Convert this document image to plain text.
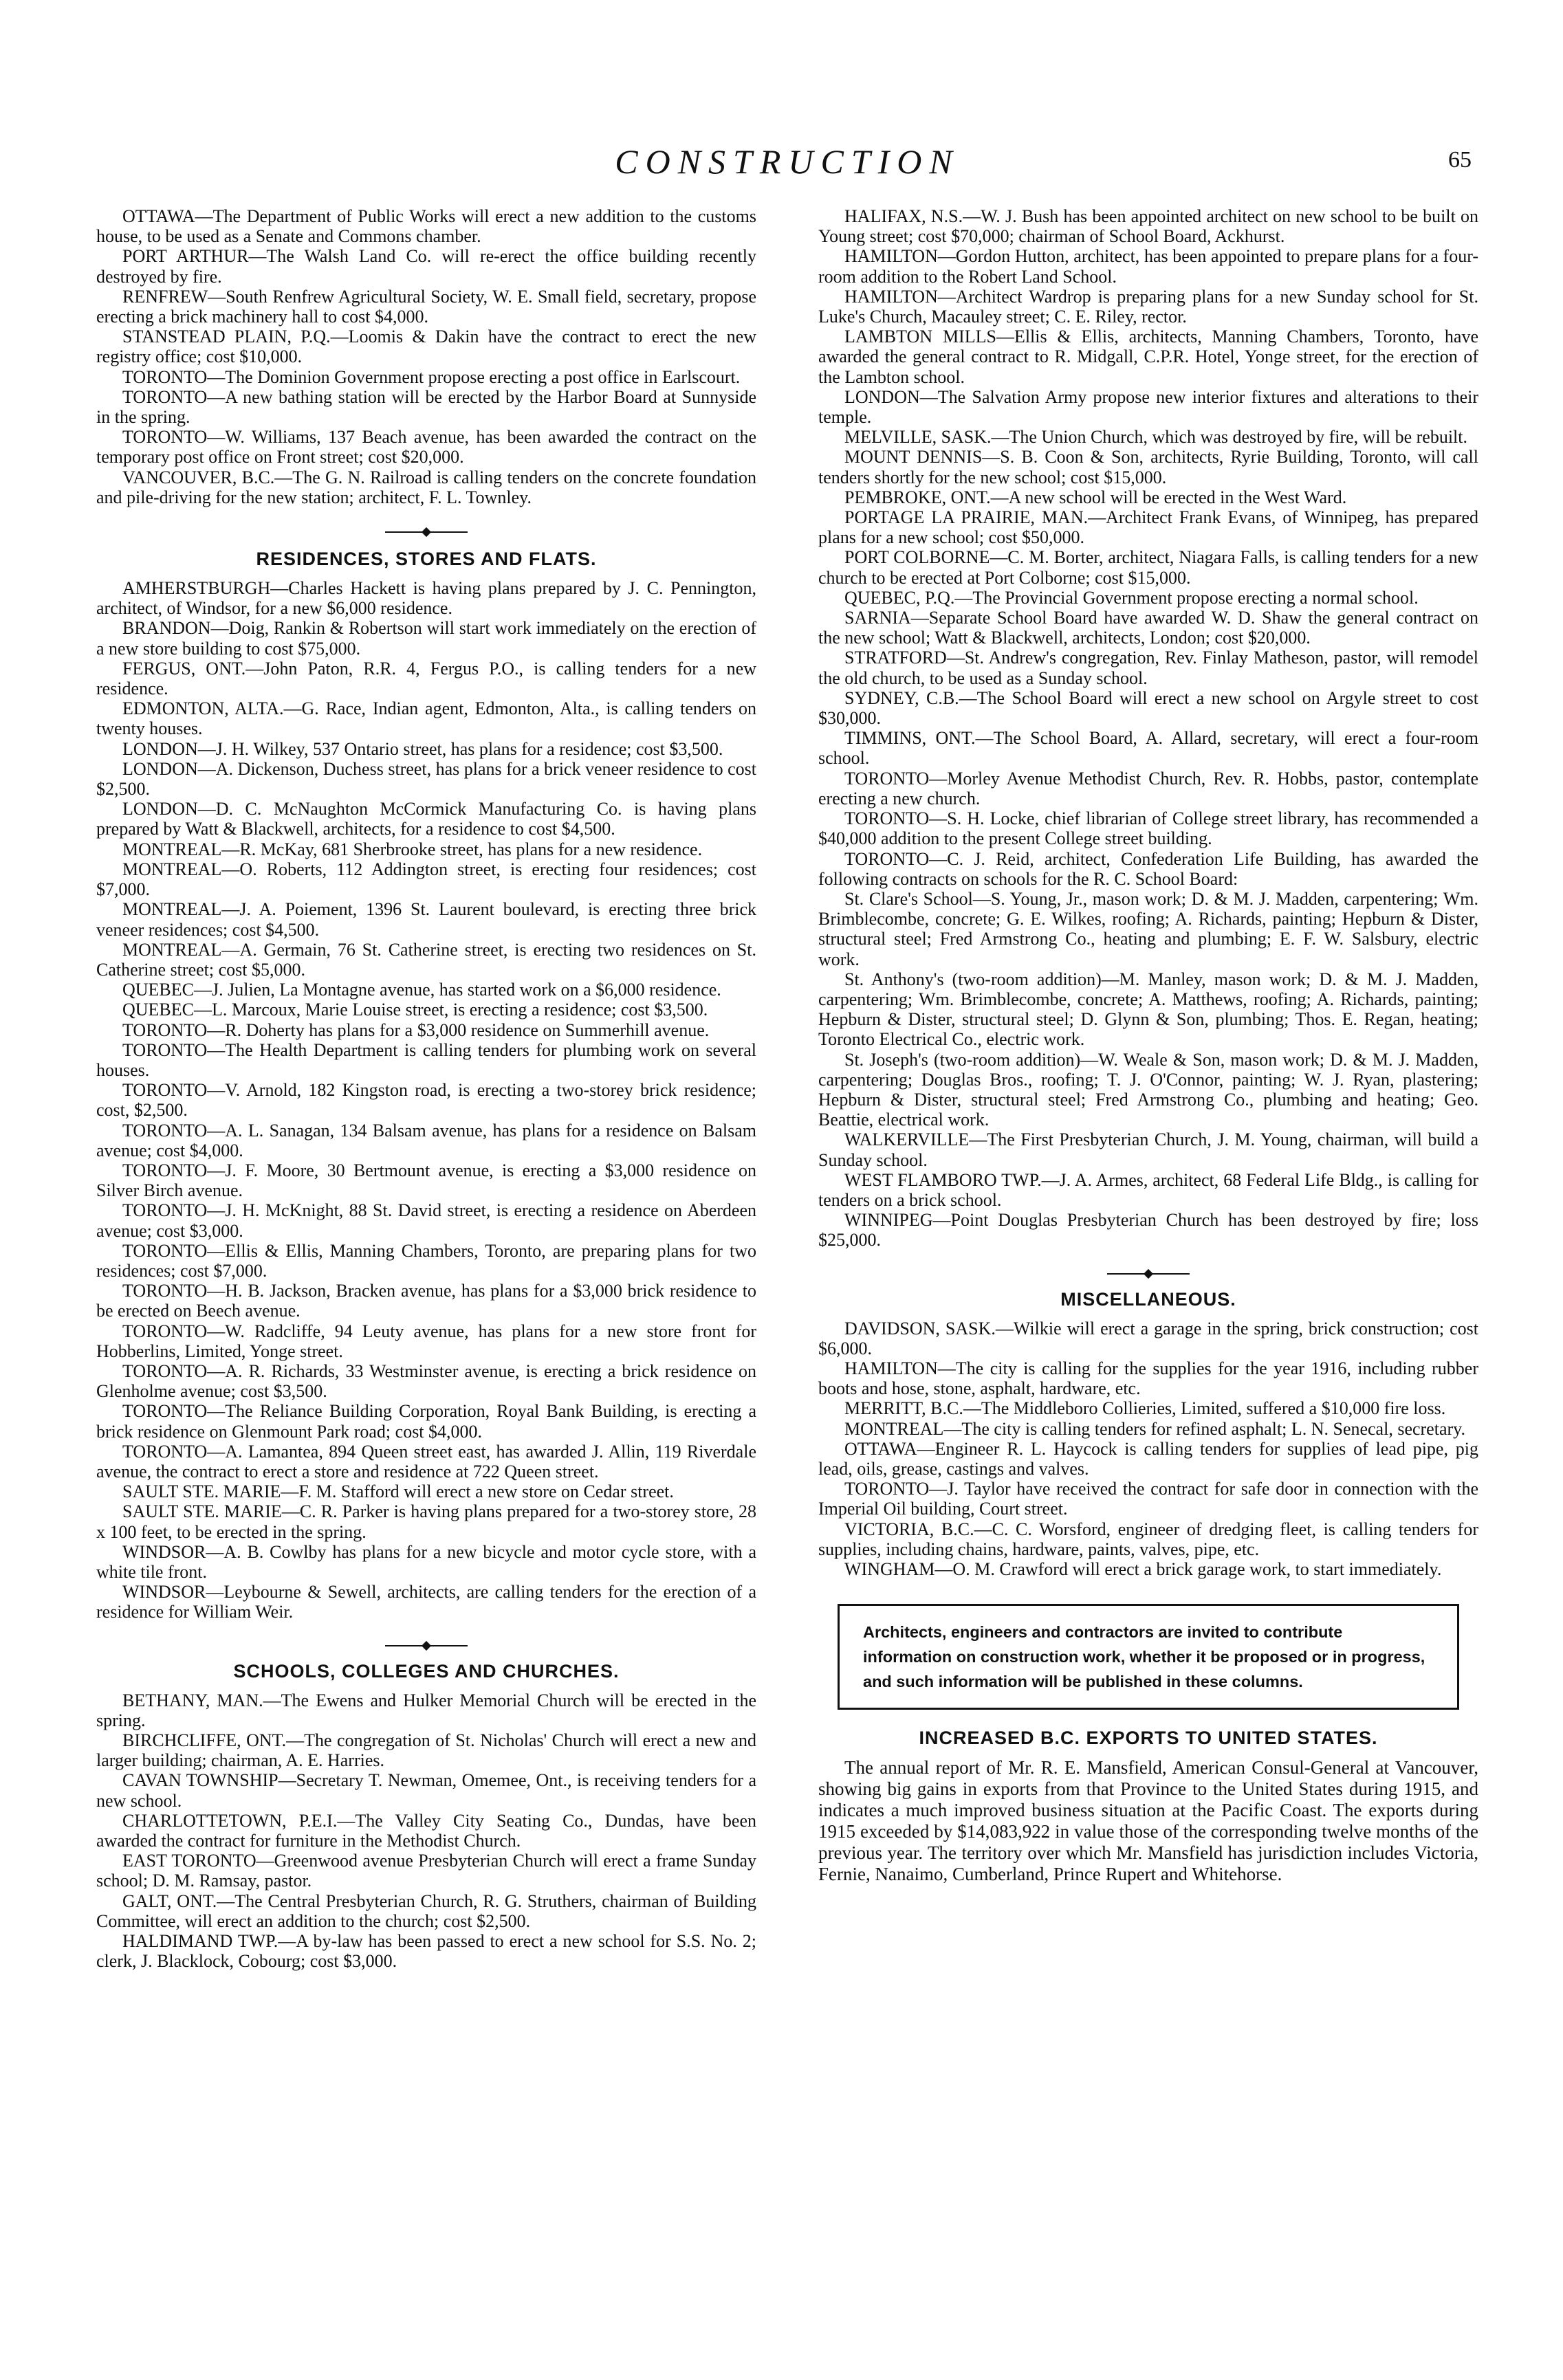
CONSTRUCTION	65

OTTAWA—The Department of Public Works will erect a new addition to the customs house, to be used as a Senate and Commons chamber.

PORT ARTHUR—The Walsh Land Co. will re-erect the office building recently destroyed by fire.

RENFREW—South Renfrew Agricultural Society, W. E. Small field, secretary, propose erecting a brick machinery hall to cost $4,000.

STANSTEAD PLAIN, P.Q.—Loomis & Dakin have the contract to erect the new registry office; cost $10,000.

TORONTO—The Dominion Government propose erecting a post office in Earlscourt.

TORONTO—A new bathing station will be erected by the Harbor Board at Sunnyside in the spring.

TORONTO—W. Williams, 137 Beach avenue, has been awarded the contract on the temporary post office on Front street; cost $20,000.

VANCOUVER, B.C.—The G. N. Railroad is calling tenders on the concrete foundation and pile-driving for the new station; architect, F. L. Townley.

RESIDENCES, STORES AND FLATS.

AMHERSTBURGH—Charles Hackett is having plans prepared by J. C. Pennington, architect, of Windsor, for a new $6,000 residence.

BRANDON—Doig, Rankin & Robertson will start work immediately on the erection of a new store building to cost $75,000.

FERGUS, ONT.—John Paton, R.R. 4, Fergus P.O., is calling tenders for a new residence.

EDMONTON, ALTA.—G. Race, Indian agent, Edmonton, Alta., is calling tenders on twenty houses.

LONDON—J. H. Wilkey, 537 Ontario street, has plans for a residence; cost $3,500.

LONDON—A. Dickenson, Duchess street, has plans for a brick veneer residence to cost $2,500.

LONDON—D. C. McNaughton McCormick Manufacturing Co. is having plans prepared by Watt & Blackwell, architects, for a residence to cost $4,500.

MONTREAL—R. McKay, 681 Sherbrooke street, has plans for a new residence.

MONTREAL—O. Roberts, 112 Addington street, is erecting four residences; cost $7,000.

MONTREAL—J. A. Poiement, 1396 St. Laurent boulevard, is erecting three brick veneer residences; cost $4,500.

MONTREAL—A. Germain, 76 St. Catherine street, is erecting two residences on St. Catherine street; cost $5,000.

QUEBEC—J. Julien, La Montagne avenue, has started work on a $6,000 residence.

QUEBEC—L. Marcoux, Marie Louise street, is erecting a residence; cost $3,500.

TORONTO—R. Doherty has plans for a $3,000 residence on Summerhill avenue.

TORONTO—The Health Department is calling tenders for plumbing work on several houses.

TORONTO—V. Arnold, 182 Kingston road, is erecting a two-storey brick residence; cost, $2,500.

TORONTO—A. L. Sanagan, 134 Balsam avenue, has plans for a residence on Balsam avenue; cost $4,000.

TORONTO—J. F. Moore, 30 Bertmount avenue, is erecting a $3,000 residence on Silver Birch avenue.

TORONTO—J. H. McKnight, 88 St. David street, is erecting a residence on Aberdeen avenue; cost $3,000.

TORONTO—Ellis & Ellis, Manning Chambers, Toronto, are preparing plans for two residences; cost $7,000.

TORONTO—H. B. Jackson, Bracken avenue, has plans for a $3,000 brick residence to be erected on Beech avenue.

TORONTO—W. Radcliffe, 94 Leuty avenue, has plans for a new store front for Hobberlins, Limited, Yonge street.

TORONTO—A. R. Richards, 33 Westminster avenue, is erecting a brick residence on Glenholme avenue; cost $3,500.

TORONTO—The Reliance Building Corporation, Royal Bank Building, is erecting a brick residence on Glenmount Park road; cost $4,000.

TORONTO—A. Lamantea, 894 Queen street east, has awarded J. Allin, 119 Riverdale avenue, the contract to erect a store and residence at 722 Queen street.

SAULT STE. MARIE—F. M. Stafford will erect a new store on Cedar street.

SAULT STE. MARIE—C. R. Parker is having plans prepared for a two-storey store, 28 x 100 feet, to be erected in the spring.

WINDSOR—A. B. Cowlby has plans for a new bicycle and motor cycle store, with a white tile front.

WINDSOR—Leybourne & Sewell, architects, are calling tenders for the erection of a residence for William Weir.

SCHOOLS, COLLEGES AND CHURCHES.

BETHANY, MAN.—The Ewens and Hulker Memorial Church will be erected in the spring.

BIRCHCLIFFE, ONT.—The congregation of St. Nicholas' Church will erect a new and larger building; chairman, A. E. Harries.

CAVAN TOWNSHIP—Secretary T. Newman, Omemee, Ont., is receiving tenders for a new school.

CHARLOTTETOWN, P.E.I.—The Valley City Seating Co., Dundas, have been awarded the contract for furniture in the Methodist Church.

EAST TORONTO—Greenwood avenue Presbyterian Church will erect a frame Sunday school; D. M. Ramsay, pastor.

GALT, ONT.—The Central Presbyterian Church, R. G. Struthers, chairman of Building Committee, will erect an addition to the church; cost $2,500.

HALDIMAND TWP.—A by-law has been passed to erect a new school for S.S. No. 2; clerk, J. Blacklock, Cobourg; cost $3,000.

HALIFAX, N.S.—W. J. Bush has been appointed architect on new school to be built on Young street; cost $70,000; chairman of School Board, Ackhurst.

HAMILTON—Gordon Hutton, architect, has been appointed to prepare plans for a four-room addition to the Robert Land School.

HAMILTON—Architect Wardrop is preparing plans for a new Sunday school for St. Luke's Church, Macauley street; C. E. Riley, rector.

LAMBTON MILLS—Ellis & Ellis, architects, Manning Chambers, Toronto, have awarded the general contract to R. Midgall, C.P.R. Hotel, Yonge street, for the erection of the Lambton school.

LONDON—The Salvation Army propose new interior fixtures and alterations to their temple.

MELVILLE, SASK.—The Union Church, which was destroyed by fire, will be rebuilt.

MOUNT DENNIS—S. B. Coon & Son, architects, Ryrie Building, Toronto, will call tenders shortly for the new school; cost $15,000.

PEMBROKE, ONT.—A new school will be erected in the West Ward.

PORTAGE LA PRAIRIE, MAN.—Architect Frank Evans, of Winnipeg, has prepared plans for a new school; cost $50,000.

PORT COLBORNE—C. M. Borter, architect, Niagara Falls, is calling tenders for a new church to be erected at Port Colborne; cost $15,000.

QUEBEC, P.Q.—The Provincial Government propose erecting a normal school.

SARNIA—Separate School Board have awarded W. D. Shaw the general contract on the new school; Watt & Blackwell, architects, London; cost $20,000.

STRATFORD—St. Andrew's congregation, Rev. Finlay Matheson, pastor, will remodel the old church, to be used as a Sunday school.

SYDNEY, C.B.—The School Board will erect a new school on Argyle street to cost $30,000.

TIMMINS, ONT.—The School Board, A. Allard, secretary, will erect a four-room school.

TORONTO—Morley Avenue Methodist Church, Rev. R. Hobbs, pastor, contemplate erecting a new church.

TORONTO—S. H. Locke, chief librarian of College street library, has recommended a $40,000 addition to the present College street building.

TORONTO—C. J. Reid, architect, Confederation Life Building, has awarded the following contracts on schools for the R. C. School Board:

St. Clare's School—S. Young, Jr., mason work; D. & M. J. Madden, carpentering; Wm. Brimblecombe, concrete; G. E. Wilkes, roofing; A. Richards, painting; Hepburn & Dister, structural steel; Fred Armstrong Co., heating and plumbing; E. F. W. Salsbury, electric work.

St. Anthony's (two-room addition)—M. Manley, mason work; D. & M. J. Madden, carpentering; Wm. Brimblecombe, concrete; A. Matthews, roofing; A. Richards, painting; Hepburn & Dister, structural steel; D. Glynn & Son, plumbing; Thos. E. Regan, heating; Toronto Electrical Co., electric work.

St. Joseph's (two-room addition)—W. Weale & Son, mason work; D. & M. J. Madden, carpentering; Douglas Bros., roofing; T. J. O'Connor, painting; W. J. Ryan, plastering; Hepburn & Dister, structural steel; Fred Armstrong Co., plumbing and heating; Geo. Beattie, electrical work.

WALKERVILLE—The First Presbyterian Church, J. M. Young, chairman, will build a Sunday school.

WEST FLAMBORO TWP.—J. A. Armes, architect, 68 Federal Life Bldg., is calling for tenders on a brick school.

WINNIPEG—Point Douglas Presbyterian Church has been destroyed by fire; loss $25,000.

MISCELLANEOUS.

DAVIDSON, SASK.—Wilkie will erect a garage in the spring, brick construction; cost $6,000.

HAMILTON—The city is calling for the supplies for the year 1916, including rubber boots and hose, stone, asphalt, hardware, etc.

MERRITT, B.C.—The Middleboro Collieries, Limited, suffered a $10,000 fire loss.

MONTREAL—The city is calling tenders for refined asphalt; L. N. Senecal, secretary.

OTTAWA—Engineer R. L. Haycock is calling tenders for supplies of lead pipe, pig lead, oils, grease, castings and valves.

TORONTO—J. Taylor have received the contract for safe door in connection with the Imperial Oil building, Court street.

VICTORIA, B.C.—C. C. Worsford, engineer of dredging fleet, is calling tenders for supplies, including chains, hardware, paints, valves, pipe, etc.

WINGHAM—O. M. Crawford will erect a brick garage work, to start immediately.

Architects, engineers and contractors are invited to contribute information on construction work, whether it be proposed or in progress, and such information will be published in these columns.
INCREASED B.C. EXPORTS TO UNITED STATES.

The annual report of Mr. R. E. Mansfield, American Consul-General at Vancouver, showing big gains in exports from that Province to the United States during 1915, and indicates a much improved business situation at the Pacific Coast. The exports during 1915 exceeded by $14,083,922 in value those of the corresponding twelve months of the previous year. The territory over which Mr. Mansfield has jurisdiction includes Victoria, Fernie, Nanaimo, Cumberland, Prince Rupert and Whitehorse.
